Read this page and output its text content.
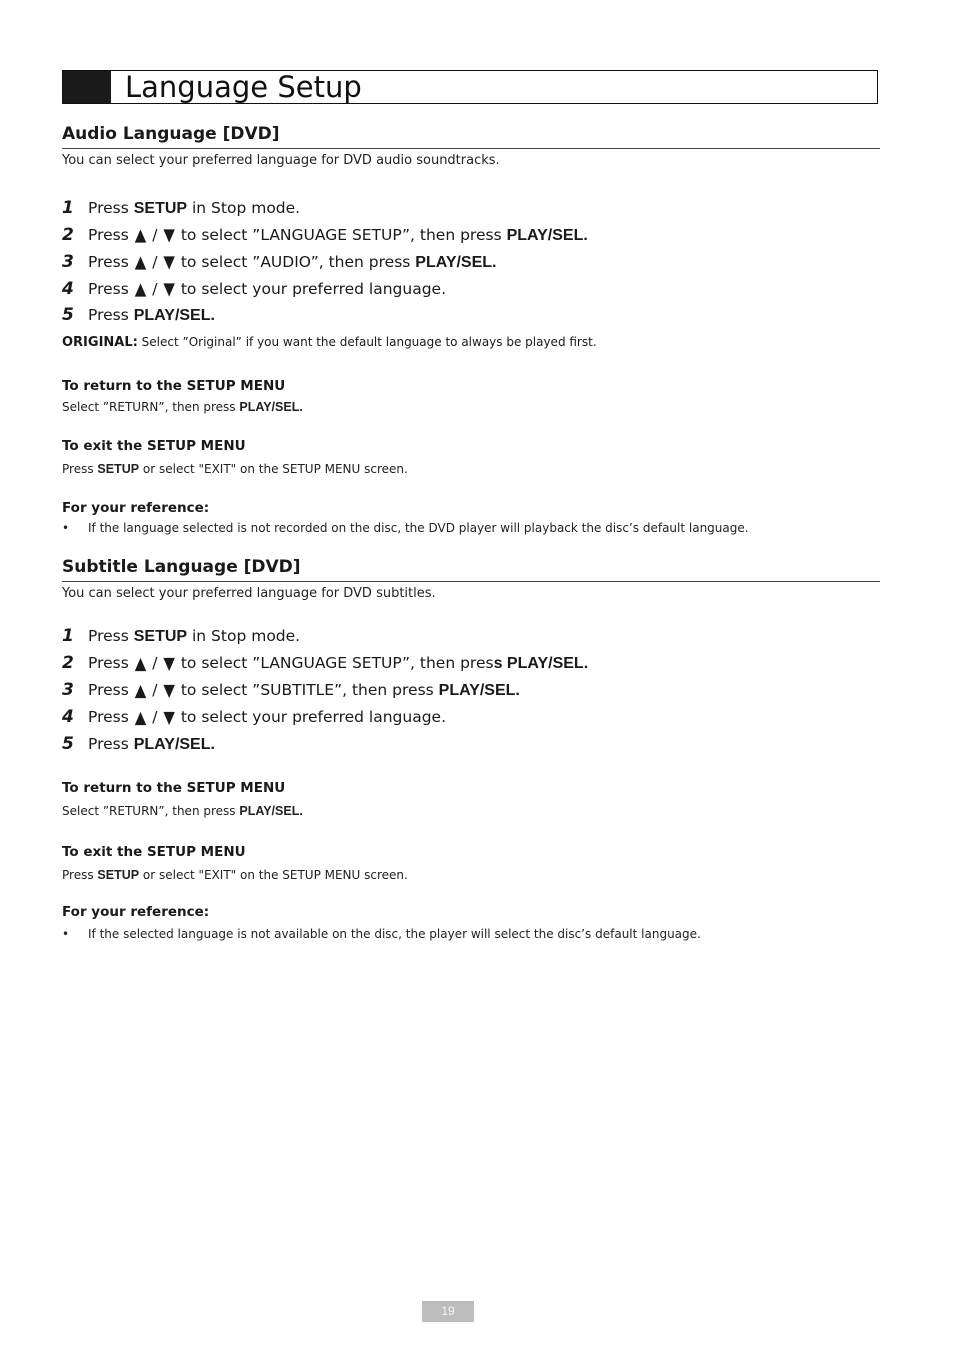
Language Setup
Audio Language [DVD]
You can select your preferred language for DVD audio soundtracks.
1 Press SETUP in Stop mode.
2 Press ▲ / ▼ to select ”LANGUAGE SETUP”, then press PLAY/SEL.
3 Press ▲ / ▼ to select ”AUDIO”, then press PLAY/SEL.
4 Press ▲ / ▼ to select your preferred language.
5 Press PLAY/SEL.
ORIGINAL: Select ”Original” if you want the default language to always be played first.
To return to the SETUP MENU
Select ”RETURN”, then press PLAY/SEL.
To exit the SETUP MENU
Press SETUP or select "EXIT" on the SETUP MENU screen.
For your reference:
• If the language selected is not recorded on the disc, the DVD player will playback the disc’s default language.
Subtitle Language [DVD]
You can select your preferred language for DVD subtitles.
1 Press SETUP in Stop mode.
2 Press ▲ / ▼ to select ”LANGUAGE SETUP”, then press PLAY/SEL.
3 Press ▲ / ▼ to select ”SUBTITLE”, then press PLAY/SEL.
4 Press ▲ / ▼ to select your preferred language.
5 Press PLAY/SEL.
To return to the SETUP MENU
Select ”RETURN”, then press PLAY/SEL.
To exit the SETUP MENU
Press SETUP or select "EXIT" on the SETUP MENU screen.
For your reference:
• If the selected language is not available on the disc, the player will select the disc’s default language.
19
